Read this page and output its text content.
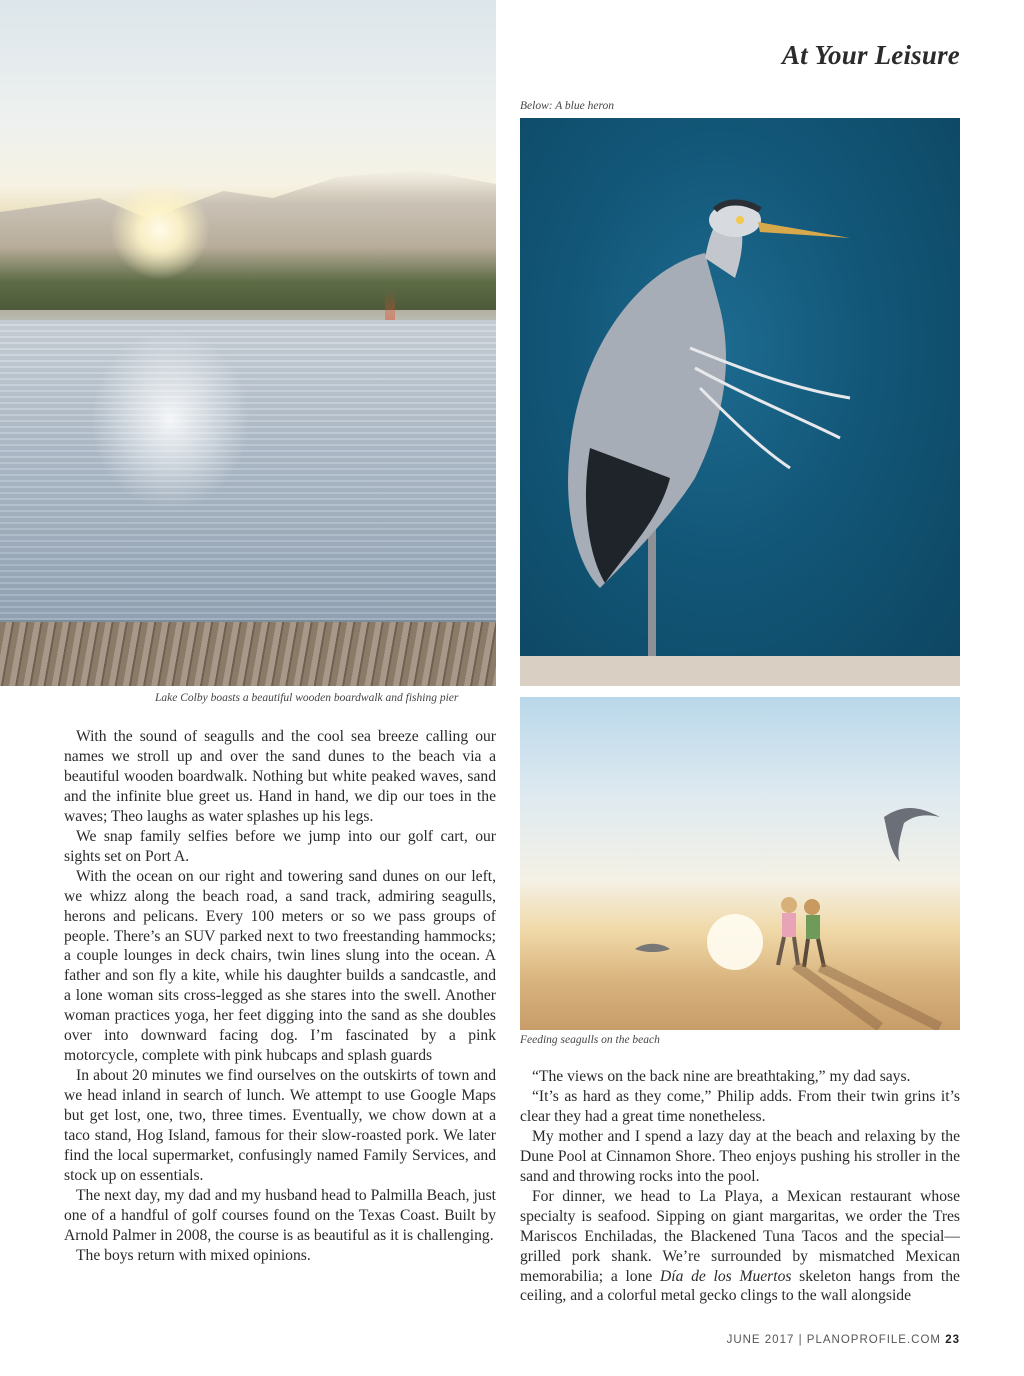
At Your Leisure
Below: A blue heron
Lake Colby boasts a beautiful wooden boardwalk and fishing pier
Feeding seagulls on the beach

With the sound of seagulls and the cool sea breeze calling our names we stroll up and over the sand dunes to the beach via a beautiful wooden boardwalk. Nothing but white peaked waves, sand and the infinite blue greet us. Hand in hand, we dip our toes in the waves; Theo laughs as water splashes up his legs.

We snap family selfies before we jump into our golf cart, our sights set on Port A.

With the ocean on our right and towering sand dunes on our left, we whizz along the beach road, a sand track, admiring seagulls, herons and pelicans. Every 100 meters or so we pass groups of people. There’s an SUV parked next to two freestanding hammocks; a couple lounges in deck chairs, twin lines slung into the ocean. A father and son fly a kite, while his daughter builds a sandcastle, and a lone woman sits cross-legged as she stares into the swell. Another woman practices yoga, her feet digging into the sand as she doubles over into downward facing dog. I’m fascinated by a pink motorcycle, complete with pink hubcaps and splash guards

In about 20 minutes we find ourselves on the outskirts of town and we head inland in search of lunch. We attempt to use Google Maps but get lost, one, two, three times. Eventually, we chow down at a taco stand, Hog Island, famous for their slow-roasted pork. We later find the local supermarket, confusingly named Family Services, and stock up on essentials.

The next day, my dad and my husband head to Palmilla Beach, just one of a handful of golf courses found on the Texas Coast. Built by Arnold Palmer in 2008, the course is as beautiful as it is challenging.

The boys return with mixed opinions.

“The views on the back nine are breathtaking,” my dad says.

“It’s as hard as they come,” Philip adds. From their twin grins it’s clear they had a great time nonetheless.

My mother and I spend a lazy day at the beach and relaxing by the Dune Pool at Cinnamon Shore. Theo enjoys pushing his stroller in the sand and throwing rocks into the pool.

For dinner, we head to La Playa, a Mexican restaurant whose specialty is seafood. Sipping on giant margaritas, we order the Tres Mariscos Enchiladas, the Blackened Tuna Tacos and the special—grilled pork shank. We’re surrounded by mismatched Mexican memorabilia; a lone Día de los Muertos skeleton hangs from the ceiling, and a colorful metal gecko clings to the wall alongside

JUNE 2017 | PLANOPROFILE.COM 23
